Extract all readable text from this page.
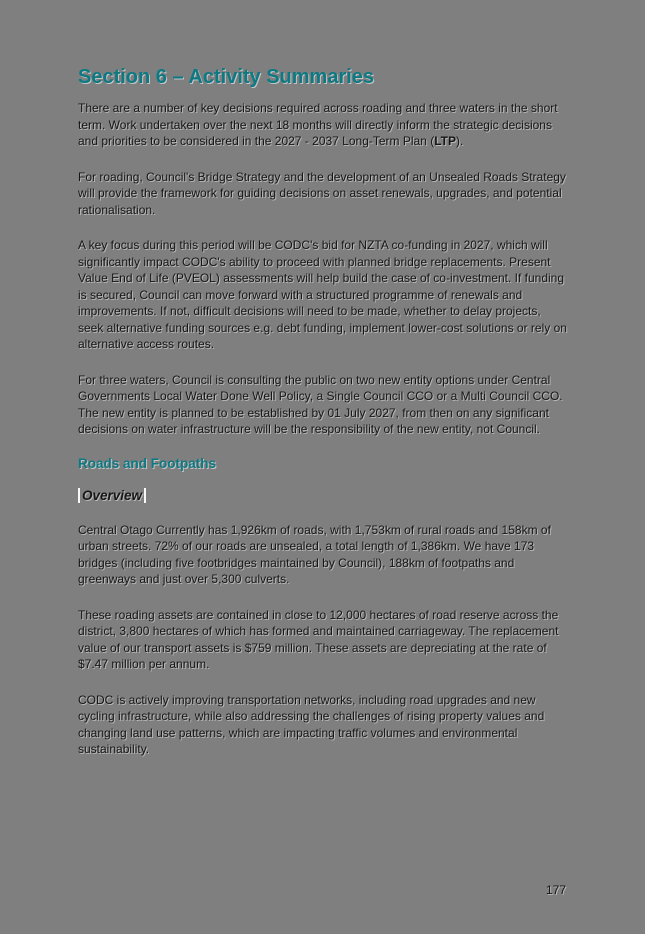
Section 6 – Activity Summaries

There are a number of key decisions required across roading and three waters in the short term. Work undertaken over the next 18 months will directly inform the strategic decisions and priorities to be considered in the 2027 - 2037 Long-Term Plan (LTP).

For roading, Council's Bridge Strategy and the development of an Unsealed Roads Strategy will provide the framework for guiding decisions on asset renewals, upgrades, and potential rationalisation.

A key focus during this period will be CODC's bid for NZTA co-funding in 2027, which will significantly impact CODC's ability to proceed with planned bridge replacements. Present Value End of Life (PVEOL) assessments will help build the case of co-investment. If funding is secured, Council can move forward with a structured programme of renewals and improvements. If not, difficult decisions will need to be made, whether to delay projects, seek alternative funding sources e.g. debt funding, implement lower-cost solutions or rely on alternative access routes.

For three waters, Council is consulting the public on two new entity options under Central Governments Local Water Done Well Policy, a Single Council CCO or a Multi Council CCO. The new entity is planned to be established by 01 July 2027, from then on any significant decisions on water infrastructure will be the responsibility of the new entity, not Council.

Roads and Footpaths
Overview

Central Otago Currently has 1,926km of roads, with 1,753km of rural roads and 158km of urban streets. 72% of our roads are unsealed, a total length of 1,386km. We have 173 bridges (including five footbridges maintained by Council), 188km of footpaths and greenways and just over 5,300 culverts.

These roading assets are contained in close to 12,000 hectares of road reserve across the district, 3,800 hectares of which has formed and maintained carriageway. The replacement value of our transport assets is $759 million. These assets are depreciating at the rate of $7.47 million per annum.

CODC is actively improving transportation networks, including road upgrades and new cycling infrastructure, while also addressing the challenges of rising property values and changing land use patterns, which are impacting traffic volumes and environmental sustainability.

177
